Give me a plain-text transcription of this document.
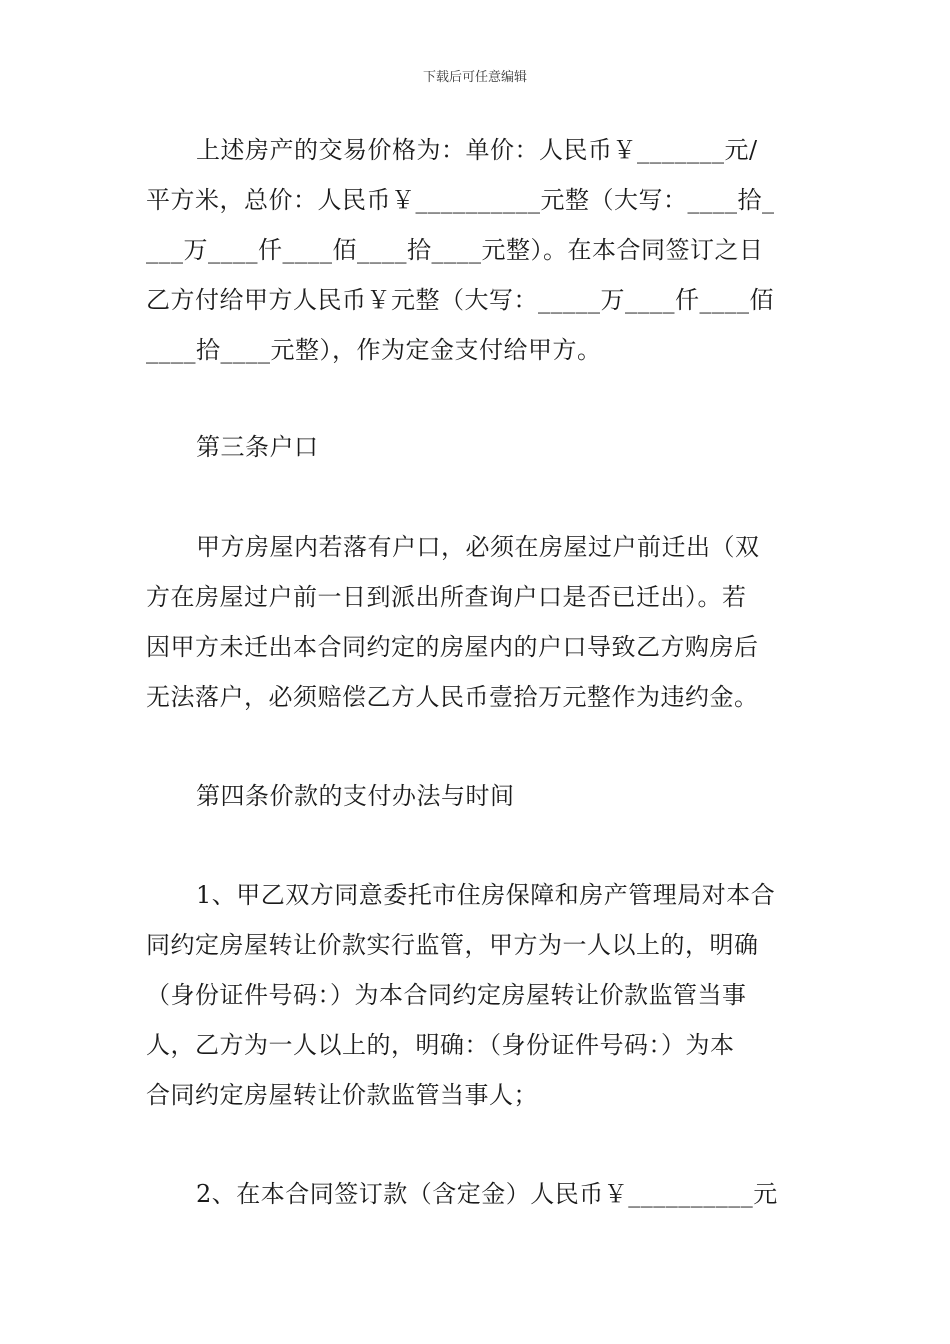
下载后可任意编辑
上述房产的交易价格为：单价：人民币￥_______元/
平方米，总价：人民币￥__________元整（大写：____拾_
___万____仟____佰____拾____元整）。在本合同签订之日
乙方付给甲方人民币￥元整（大写：_____万____仟____佰
____拾____元整），作为定金支付给甲方。
第三条户口
甲方房屋内若落有户口，必须在房屋过户前迁出（双
方在房屋过户前一日到派出所查询户口是否已迁出）。若
因甲方未迁出本合同约定的房屋内的户口导致乙方购房后
无法落户，必须赔偿乙方人民币壹拾万元整作为违约金。
第四条价款的支付办法与时间
1、甲乙双方同意委托市住房保障和房产管理局对本合
同约定房屋转让价款实行监管，甲方为一人以上的，明确
（身份证件号码：）为本合同约定房屋转让价款监管当事
人，乙方为一人以上的，明确：（身份证件号码：）为本
合同约定房屋转让价款监管当事人；
2、在本合同签订款（含定金）人民币￥__________元
